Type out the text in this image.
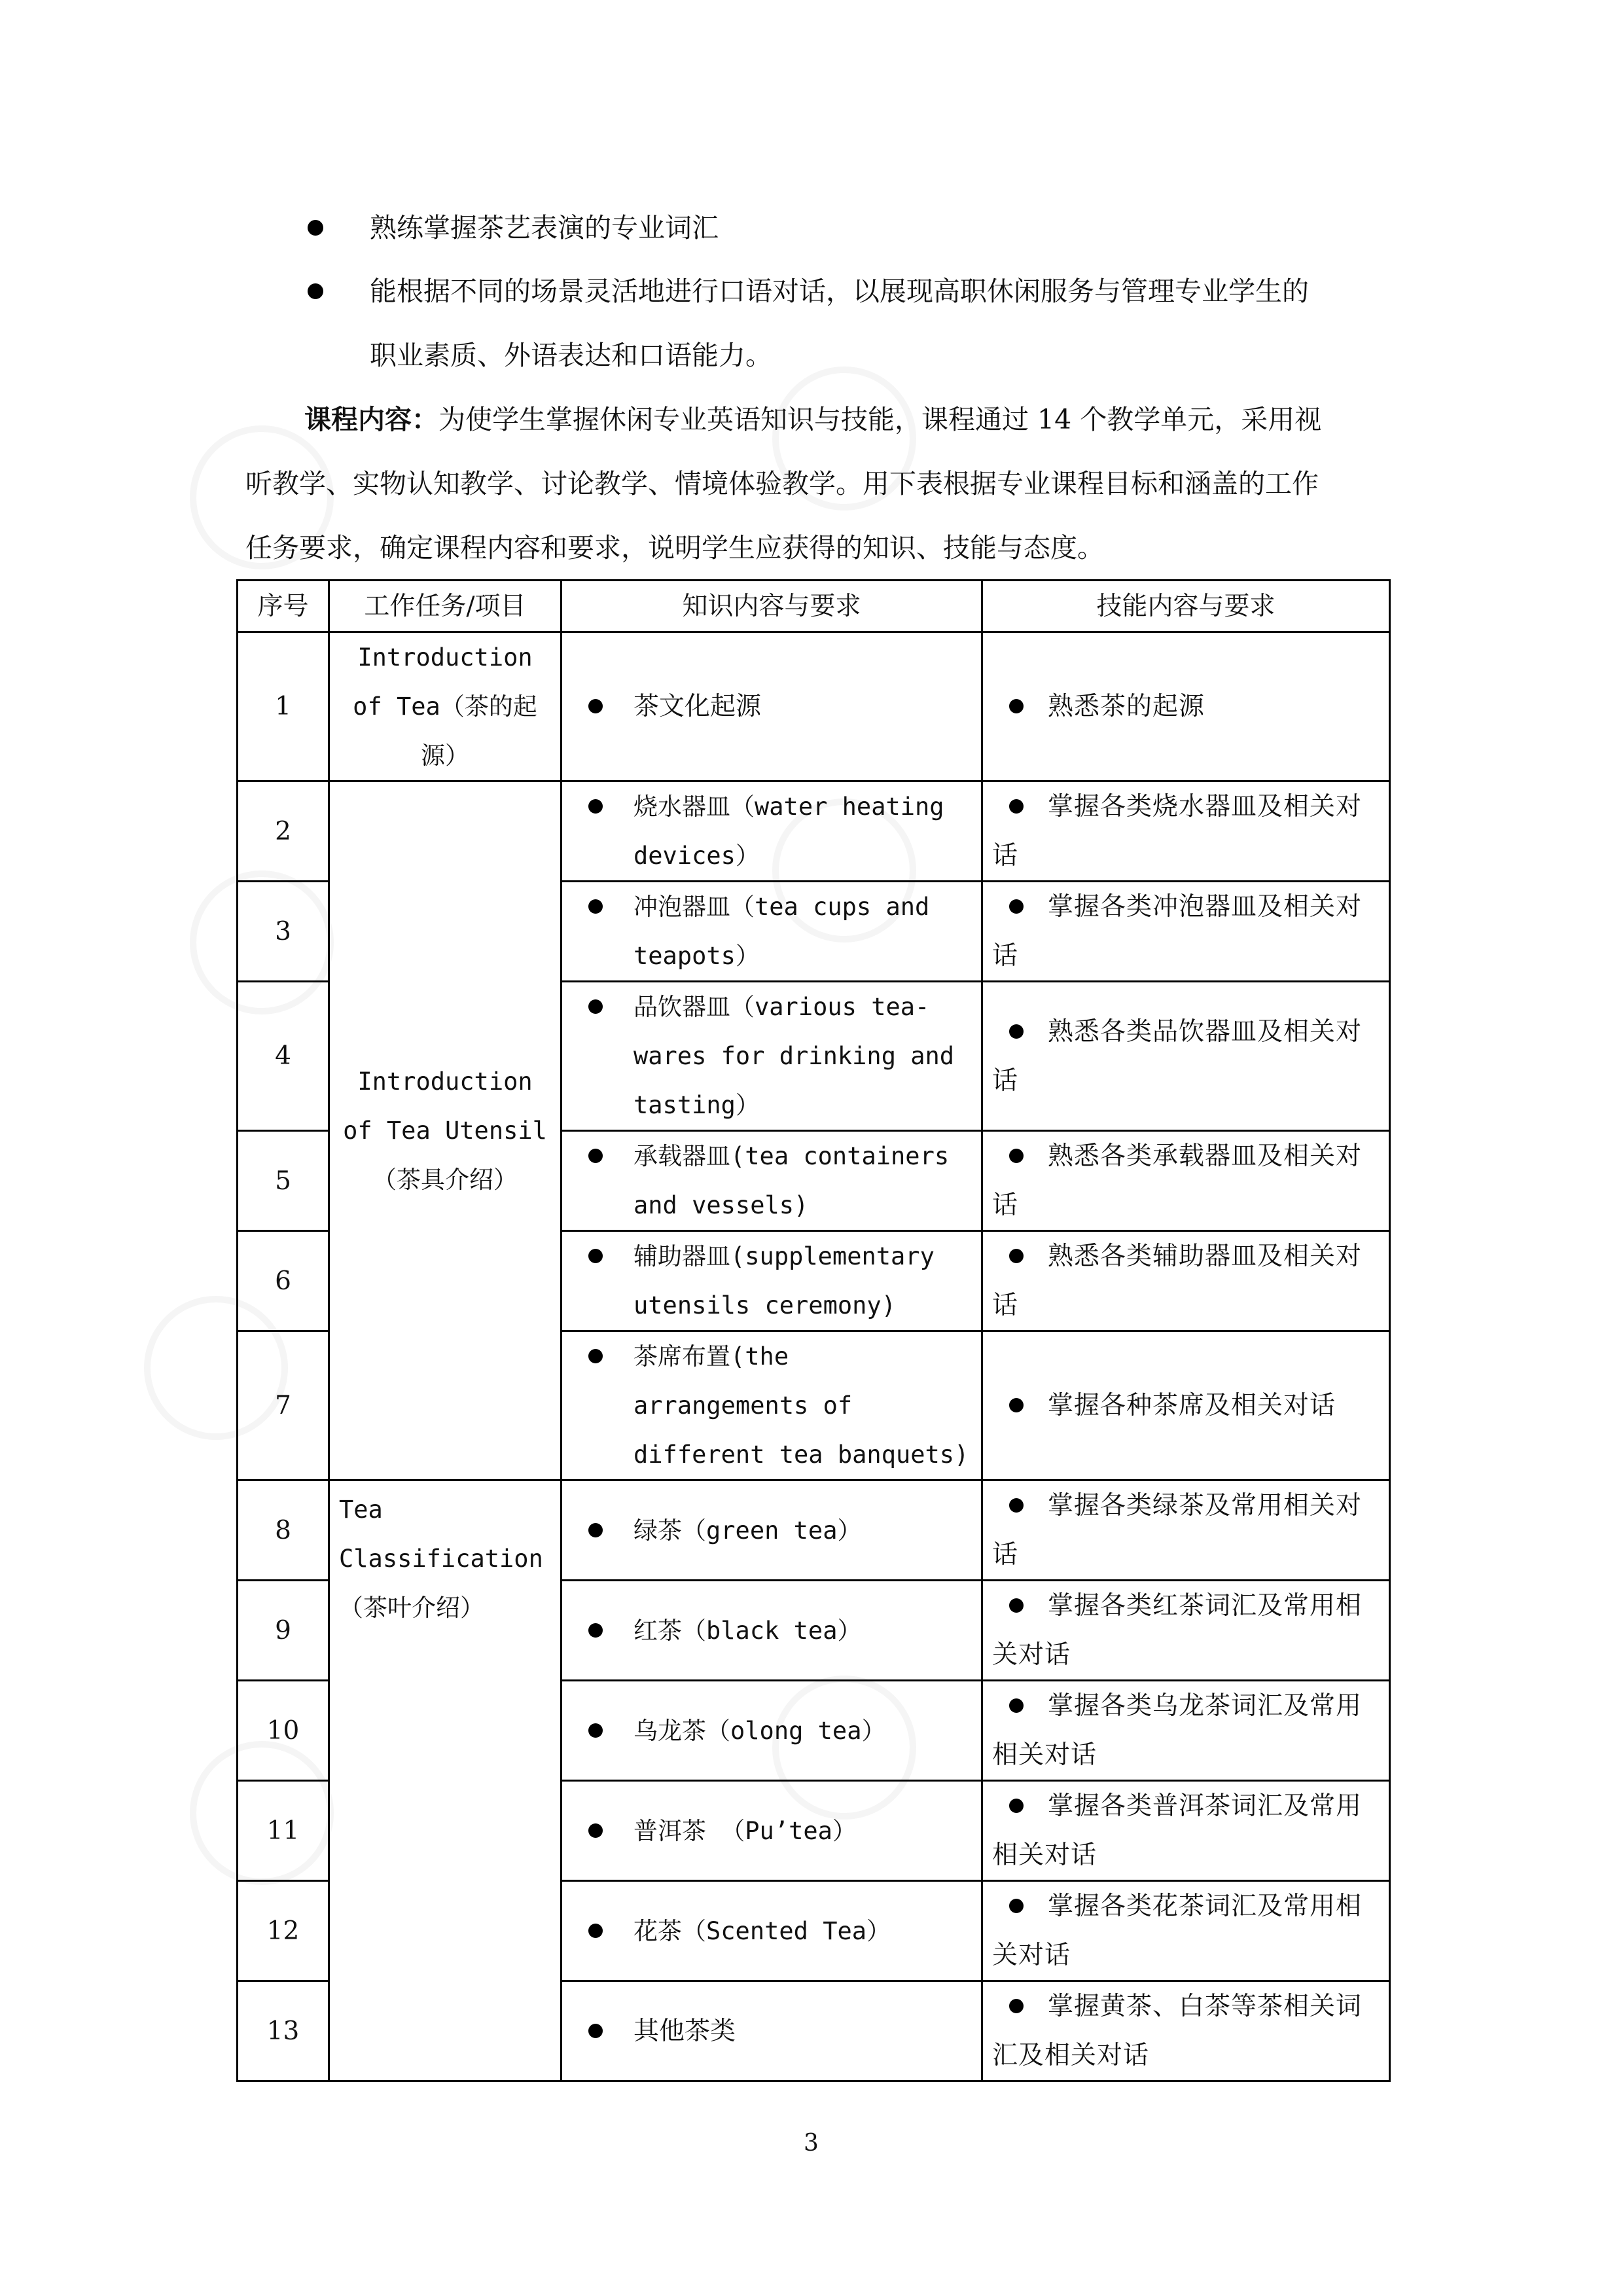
熟练掌握茶艺表演的专业词汇
能根据不同的场景灵活地进行口语对话，以展现高职休闲服务与管理专业学生的
职业素质、外语表达和口语能力。
课程内容：为使学生掌握休闲专业英语知识与技能，课程通过 14 个教学单元，采用视
听教学、实物认知教学、讨论教学、情境体验教学。用下表根据专业课程目标和涵盖的工作
任务要求，确定课程内容和要求，说明学生应获得的知识、技能与态度。
序号	工作任务/项目	知识内容与要求	技能内容与要求
1	Introduction of Tea（茶的起源）	茶文化起源	熟悉茶的起源

2	Introduction of Tea Utensil（茶具介绍）	烧水器皿（water heating devices）	掌握各类烧水器皿及相关对话

3		冲泡器皿（tea cups and teapots）	掌握各类冲泡器皿及相关对话

4		品饮器皿（various tea-wares for drinking and tasting）	熟悉各类品饮器皿及相关对话

5		承载器皿(tea containers and vessels)	熟悉各类承载器皿及相关对话

6		辅助器皿(supplementary utensils ceremony)	熟悉各类辅助器皿及相关对话

7		茶席布置(the arrangements of different tea banquets)	掌握各种茶席及相关对话

8	Tea Classification（茶叶介绍）	绿茶（green tea）	掌握各类绿茶及常用相关对话

9		红茶（black tea）	掌握各类红茶词汇及常用相关对话

10		乌龙茶（olong tea）	掌握各类乌龙茶词汇及常用相关对话

11		普洱茶 （Pu’tea）	掌握各类普洱茶词汇及常用相关对话

12		花茶（Scented Tea）	掌握各类花茶词汇及常用相关对话

13		其他茶类	掌握黄茶、白茶等茶相关词汇及相关对话
3
